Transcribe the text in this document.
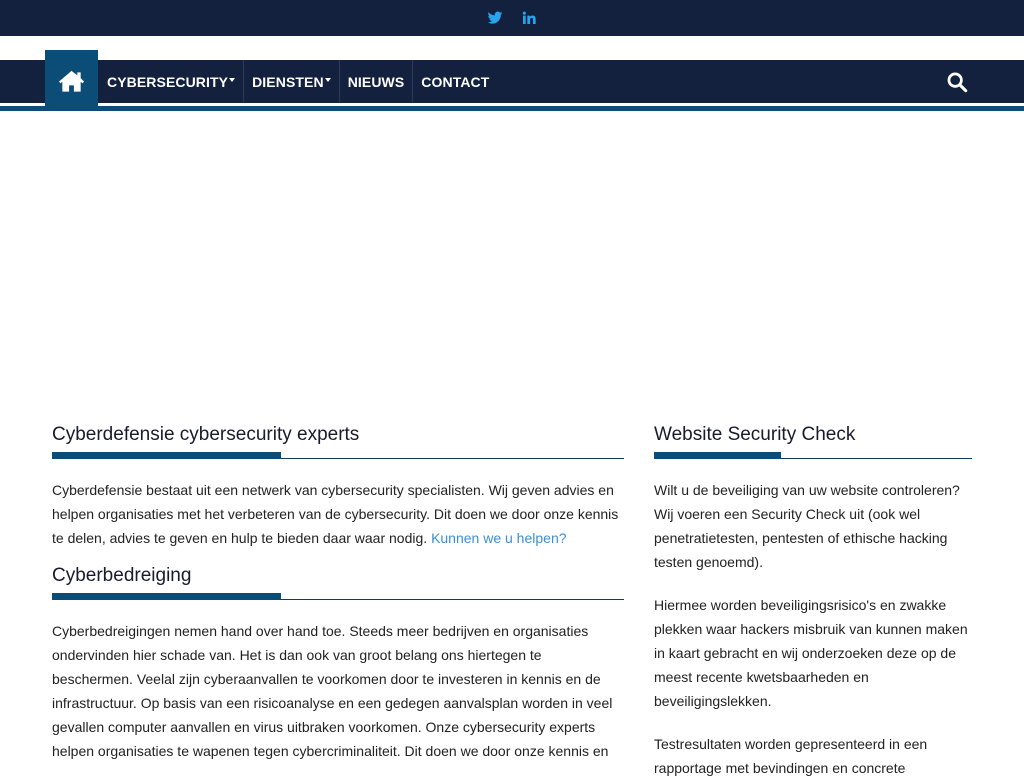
CYBERSECURITY DIENSTEN NIEUWS CONTACT
Cyberdefensie cybersecurity experts

Cyberdefensie bestaat uit een netwerk van cybersecurity specialisten. Wij geven advies en helpen organisaties met het verbeteren van de cybersecurity. Dit doen we door onze kennis te delen, advies te geven en hulp te bieden daar waar nodig. Kunnen we u helpen?

Cyberbedreiging

Cyberbedreigingen nemen hand over hand toe. Steeds meer bedrijven en organisaties ondervinden hier schade van. Het is dan ook van groot belang ons hiertegen te beschermen. Veelal zijn cyberaanvallen te voorkomen door te investeren in kennis en de infrastructuur. Op basis van een risicoanalyse en een gedegen aanvalsplan worden in veel gevallen computer aanvallen en virus uitbraken voorkomen. Onze cybersecurity experts helpen organisaties te wapenen tegen cybercriminaliteit. Dit doen we door onze kennis en

Website Security Check

Wilt u de beveiliging van uw website controleren? Wij voeren een Security Check uit (ook wel penetratietesten, pentesten of ethische hacking testen genoemd).

Hiermee worden beveiligingsrisico's en zwakke plekken waar hackers misbruik van kunnen maken in kaart gebracht en wij onderzoeken deze op de meest recente kwetsbaarheden en beveiligingslekken.

Testresultaten worden gepresenteerd in een rapportage met bevindingen en concrete
